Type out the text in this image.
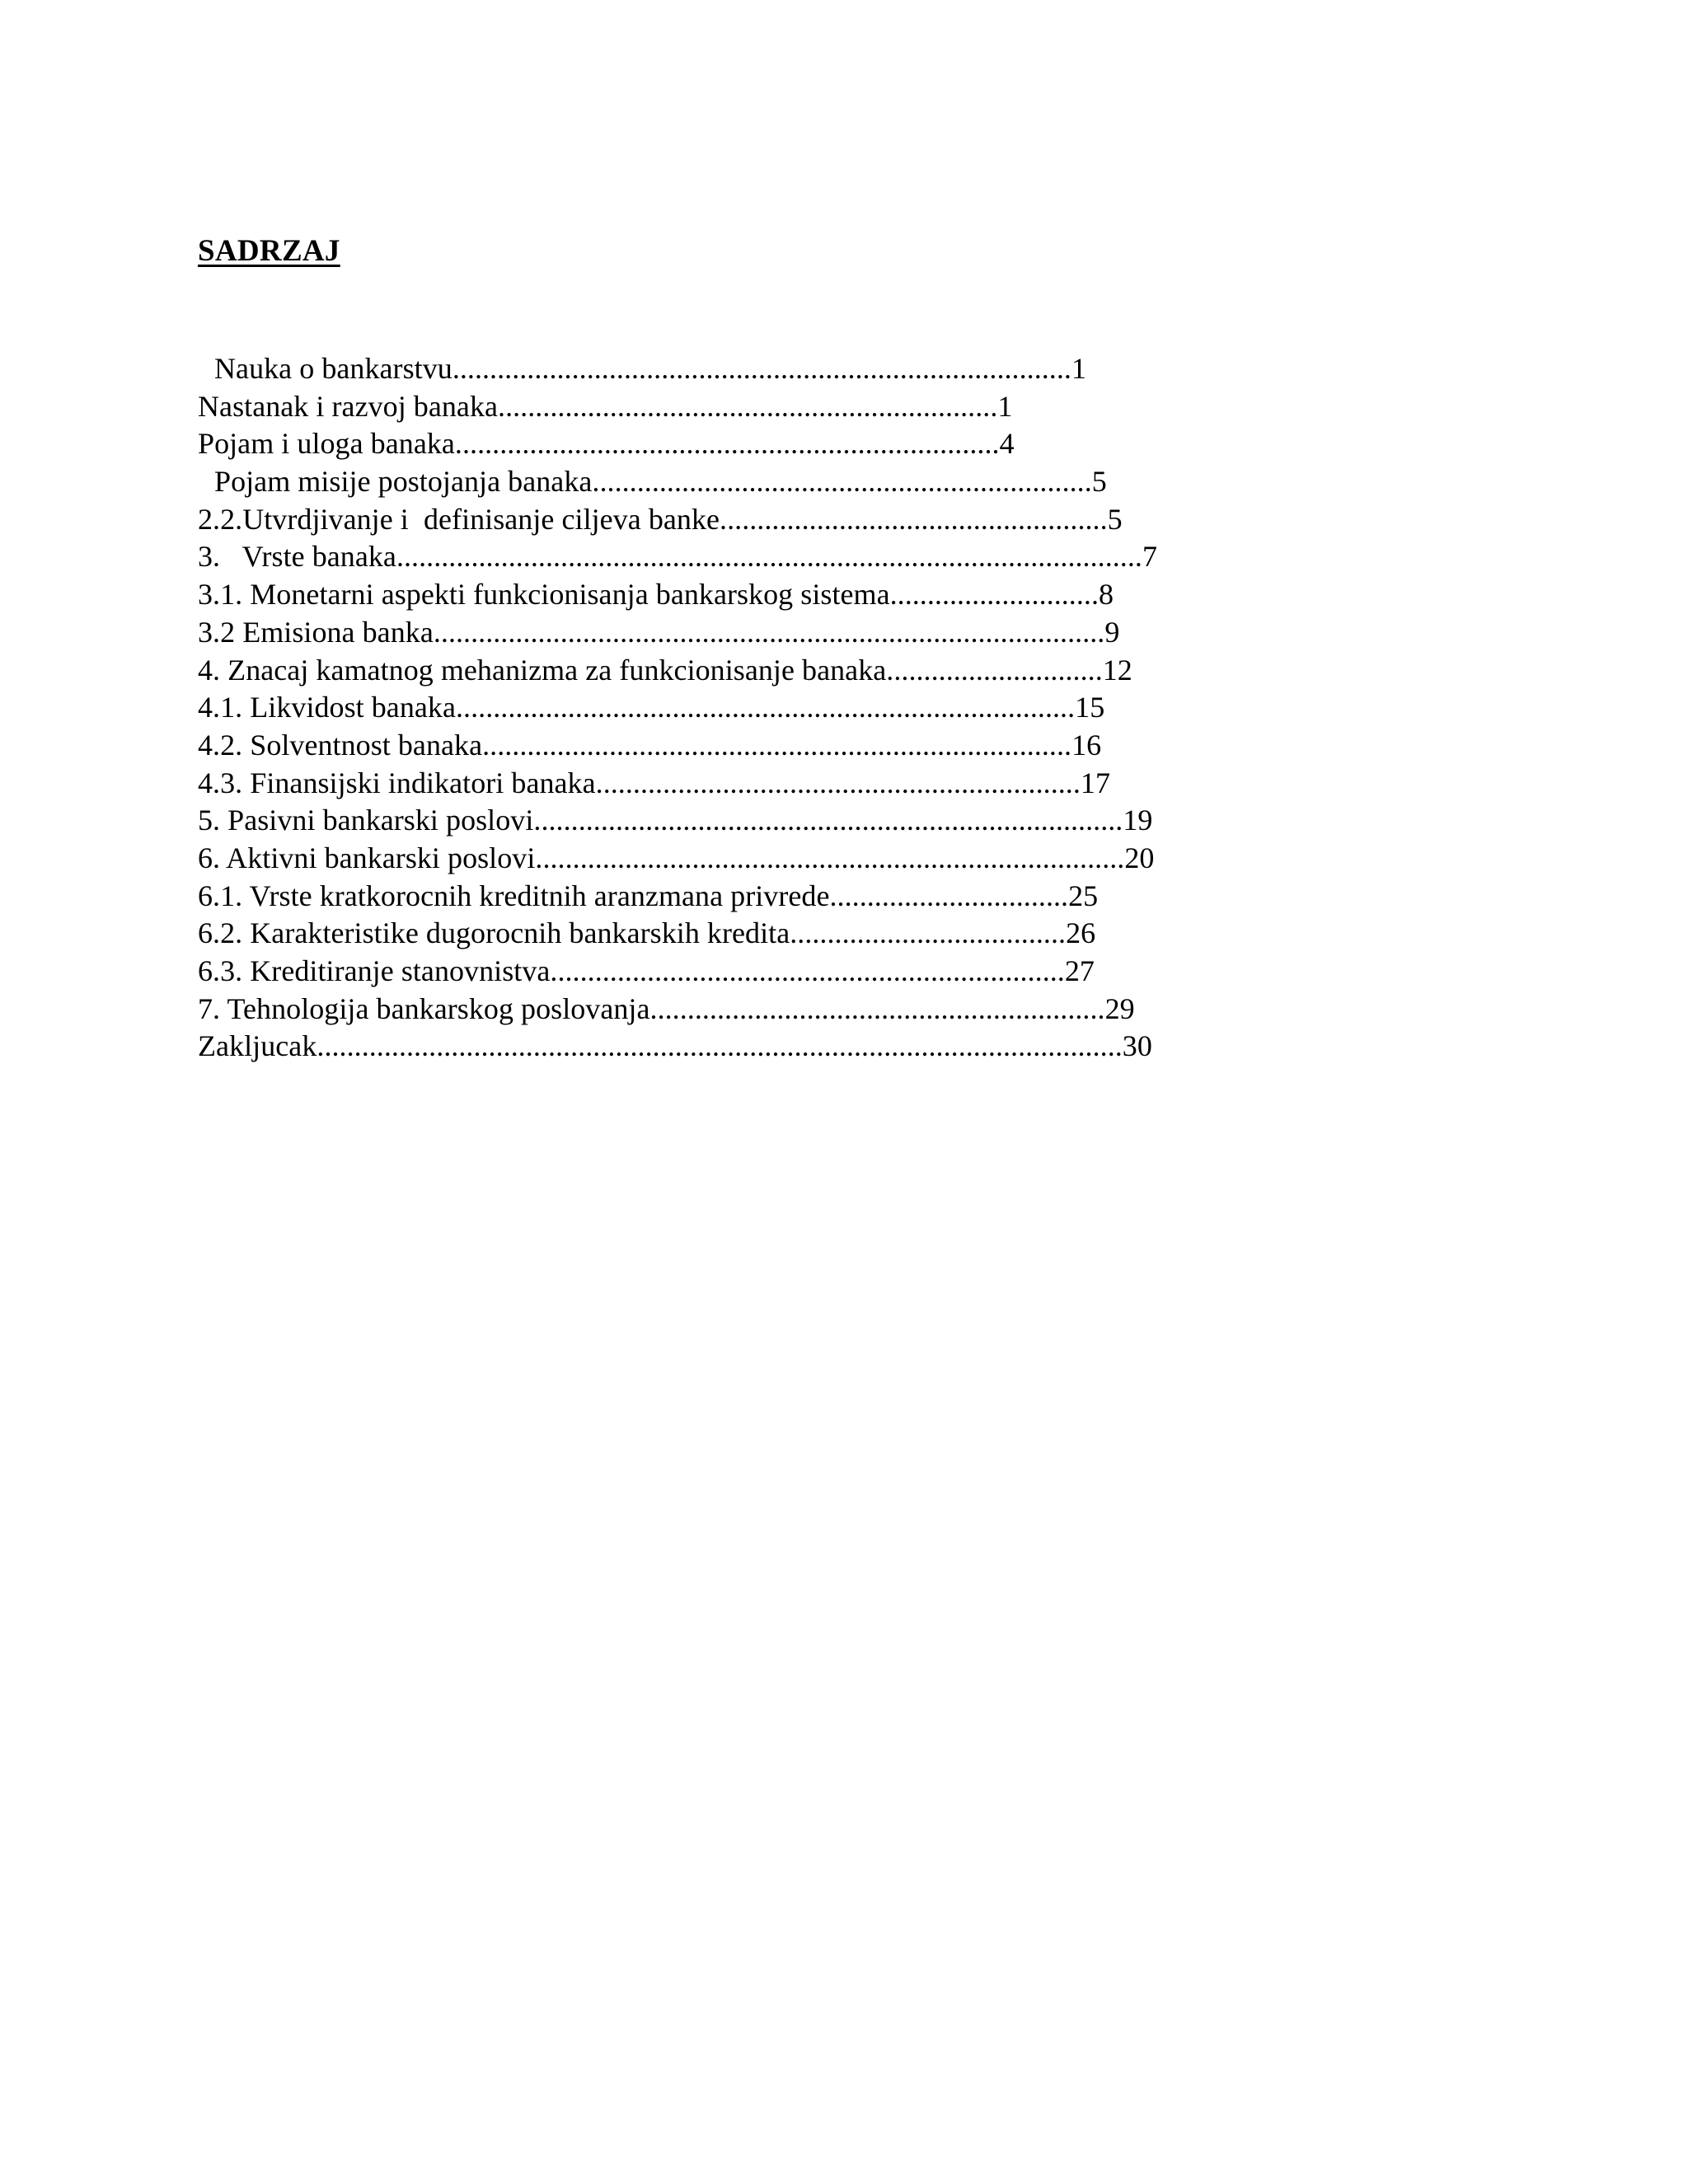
SADRZAJ
Nauka o bankarstvu...................................................................................1
Nastanak i razvoj banaka...................................................................1
Pojam i uloga banaka.........................................................................4
Pojam misije postojanja banaka...................................................................5
2.2.Utvrdjivanje i  definisanje ciljeva banke....................................................5
3.   Vrste banaka....................................................................................................7
3.1. Monetarni aspekti funkcionisanja bankarskog sistema............................8
3.2 Emisiona banka..........................................................................................9
4. Znacaj kamatnog mehanizma za funkcionisanje banaka.............................12
4.1. Likvidost banaka...................................................................................15
4.2. Solventnost banaka...............................................................................16
4.3. Finansijski indikatori banaka.................................................................17
5. Pasivni bankarski poslovi...............................................................................19
6. Aktivni bankarski poslovi...............................................................................20
6.1. Vrste kratkorocnih kreditnih aranzmana privrede................................25
6.2. Karakteristike dugorocnih bankarskih kredita.....................................26
6.3. Kreditiranje stanovnistva.....................................................................27
7. Tehnologija bankarskog poslovanja.............................................................29
Zakljucak............................................................................................................30
